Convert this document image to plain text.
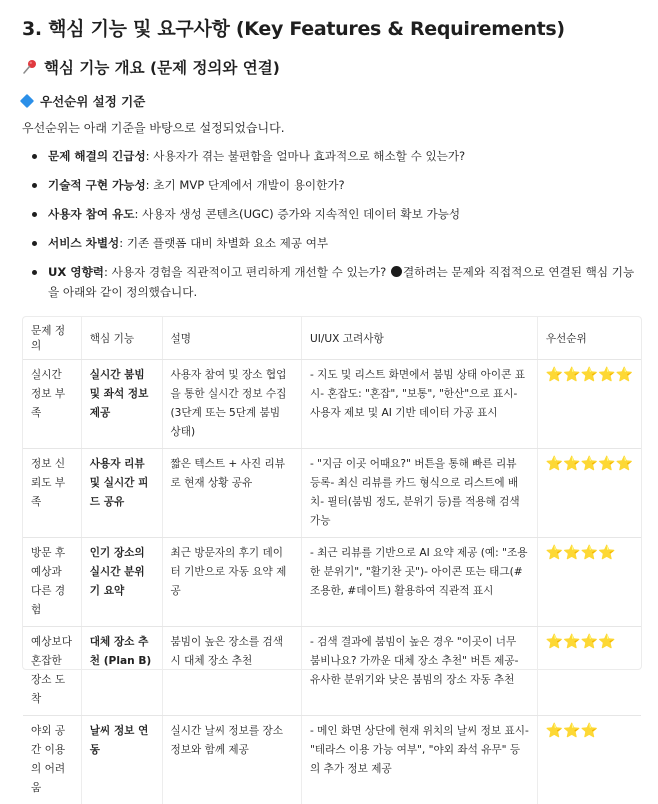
3. 핵심 기능 및 요구사항 (Key Features & Requirements)
핵심 기능 개요 (문제 정의와 연결)
우선순위 설정 기준

우선순위는 아래 기준을 바탕으로 설정되었습니다.

문제 해결의 긴급성: 사용자가 겪는 불편함을 얼마나 효과적으로 해소할 수 있는가?
기술적 구현 가능성: 초기 MVP 단계에서 개발이 용이한가?
사용자 참여 유도: 사용자 생성 콘텐츠(UGC) 증가와 지속적인 데이터 확보 가능성
서비스 차별성: 기존 플랫폼 대비 차별화 요소 제공 여부
UX 영향력: 사용자 경험을 직관적이고 편리하게 개선할 수 있는가? 결하려는 문제와 직접적으로 연결된 핵심 기능을 아래와 같이 정의했습니다.
문제 정의	핵심 기능	설명	UI/UX 고려사항	우선순위
실시간 정보 부족	실시간 붐빔 및 좌석 정보 제공	사용자 참여 및 장소 협업을 통한 실시간 정보 수집 (3단계 또는 5단계 붐빔 상태)	- 지도 및 리스트 화면에서 붐빔 상태 아이콘 표시- 혼잡도: "혼잡", "보통", "한산"으로 표시- 사용자 제보 및 AI 기반 데이터 가공 표시	⭐⭐⭐⭐⭐
정보 신뢰도 부족	사용자 리뷰 및 실시간 피드 공유	짧은 텍스트 + 사진 리뷰로 현재 상황 공유	- "지금 이곳 어때요?" 버튼을 통해 빠른 리뷰 등록- 최신 리뷰를 카드 형식으로 리스트에 배치- 필터(붐빔 정도, 분위기 등)를 적용해 검색 가능	⭐⭐⭐⭐⭐
방문 후 예상과 다른 경험	인기 장소의 실시간 분위기 요약	최근 방문자의 후기 데이터 기반으로 자동 요약 제공	- 최근 리뷰를 기반으로 AI 요약 제공 (예: "조용한 분위기", "활기찬 곳")- 아이콘 또는 태그(#조용한, #데이트) 활용하여 직관적 표시	⭐⭐⭐⭐
예상보다 혼잡한 장소 도착	대체 장소 추천 (Plan B)	붐빔이 높은 장소를 검색 시 대체 장소 추천	- 검색 결과에 붐빔이 높은 경우 "이곳이 너무 붐비나요? 가까운 대체 장소 추천" 버튼 제공- 유사한 분위기와 낮은 붐빔의 장소 자동 추천	⭐⭐⭐⭐
야외 공간 이용의 어려움	날씨 정보 연동	실시간 날씨 정보를 장소 정보와 함께 제공	- 메인 화면 상단에 현재 위치의 날씨 정보 표시- "테라스 이용 가능 여부", "야외 좌석 유무" 등의 추가 정보 제공	⭐⭐⭐
